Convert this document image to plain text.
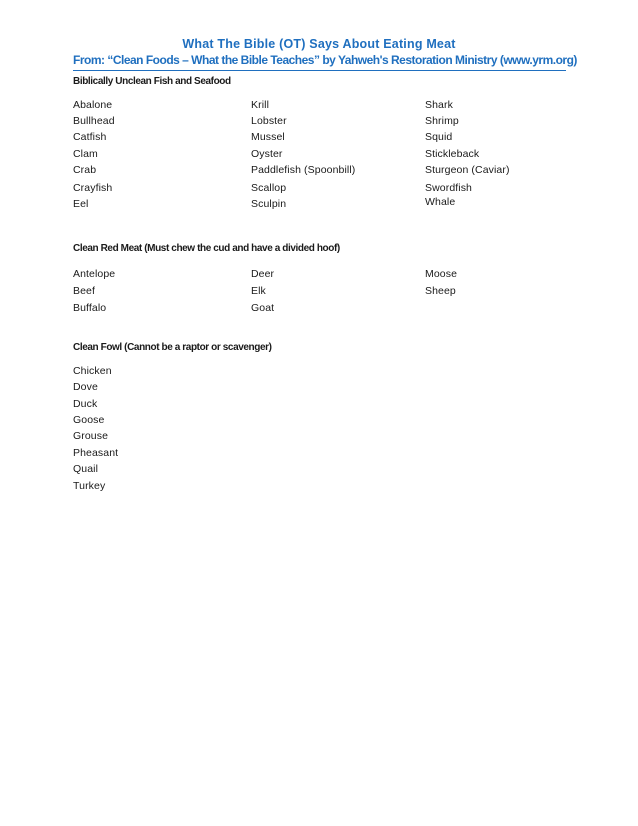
What The Bible (OT) Says About Eating Meat
From: “Clean Foods – What the Bible Teaches” by Yahweh's Restoration Ministry (www.yrm.org)
Biblically Unclean Fish and Seafood
Abalone
Bullhead
Catfish
Clam
Crab
Crayfish
Eel
Krill
Lobster
Mussel
Oyster
Paddlefish (Spoonbill)
Scallop
Sculpin
Shark
Shrimp
Squid
Stickleback
Sturgeon (Caviar)
Swordfish
Whale
Clean Red Meat (Must chew the cud and have a divided hoof)
Antelope
Beef
Buffalo
Deer
Elk
Goat
Moose
Sheep
Clean Fowl (Cannot be a raptor or scavenger)
Chicken
Dove
Duck
Goose
Grouse
Pheasant
Quail
Turkey
